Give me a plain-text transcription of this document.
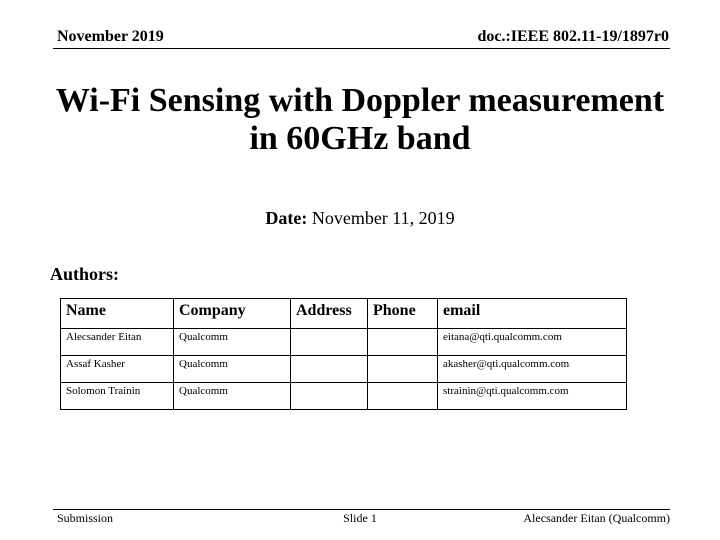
November 2019	doc.:IEEE 802.11-19/1897r0
Wi-Fi Sensing with Doppler measurement
in 60GHz band
Date: November 11, 2019
Authors:
Name	Company	Address	Phone	email
Alecsander Eitan	Qualcomm			eitana@qti.qualcomm.com
Assaf Kasher	Qualcomm			akasher@qti.qualcomm.com
Solomon Trainin	Qualcomm			strainin@qti.qualcomm.com
Submission	Slide 1	Alecsander Eitan (Qualcomm)
